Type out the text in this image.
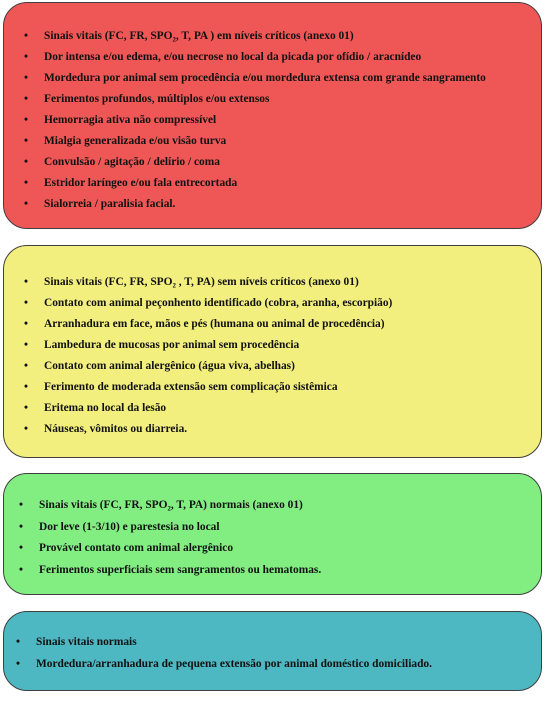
• Sinais vitais (FC, FR, SPO₂, T, PA ) em níveis críticos (anexo 01)
• Dor intensa e/ou edema, e/ou necrose no local da picada por ofídio / aracnídeo
• Mordedura por animal sem procedência e/ou mordedura extensa com grande sangramento
• Ferimentos profundos, múltiplos e/ou extensos
• Hemorragia ativa não compressível
• Mialgia generalizada e/ou visão turva
• Convulsão / agitação / delírio / coma
• Estridor laríngeo e/ou fala entrecortada
• Sialorreia / paralisia facial.
• Sinais vitais (FC, FR, SPO₂ , T, PA) sem níveis críticos (anexo 01)
• Contato com animal peçonhento identificado (cobra, aranha, escorpião)
• Arranhadura em face, mãos e pés (humana ou animal de procedência)
• Lambedura de mucosas por animal sem procedência
• Contato com animal alergênico (água viva, abelhas)
• Ferimento de moderada extensão sem complicação sistêmica
• Eritema no local da lesão
• Náuseas, vômitos ou diarreia.
• Sinais vitais (FC, FR, SPO₂, T, PA) normais (anexo 01)
• Dor leve (1-3/10) e parestesia no local
• Provável contato com animal alergênico
• Ferimentos superficiais sem sangramentos ou hematomas.
• Sinais vitais normais
• Mordedura/arranhadura de pequena extensão por animal doméstico domiciliado.
